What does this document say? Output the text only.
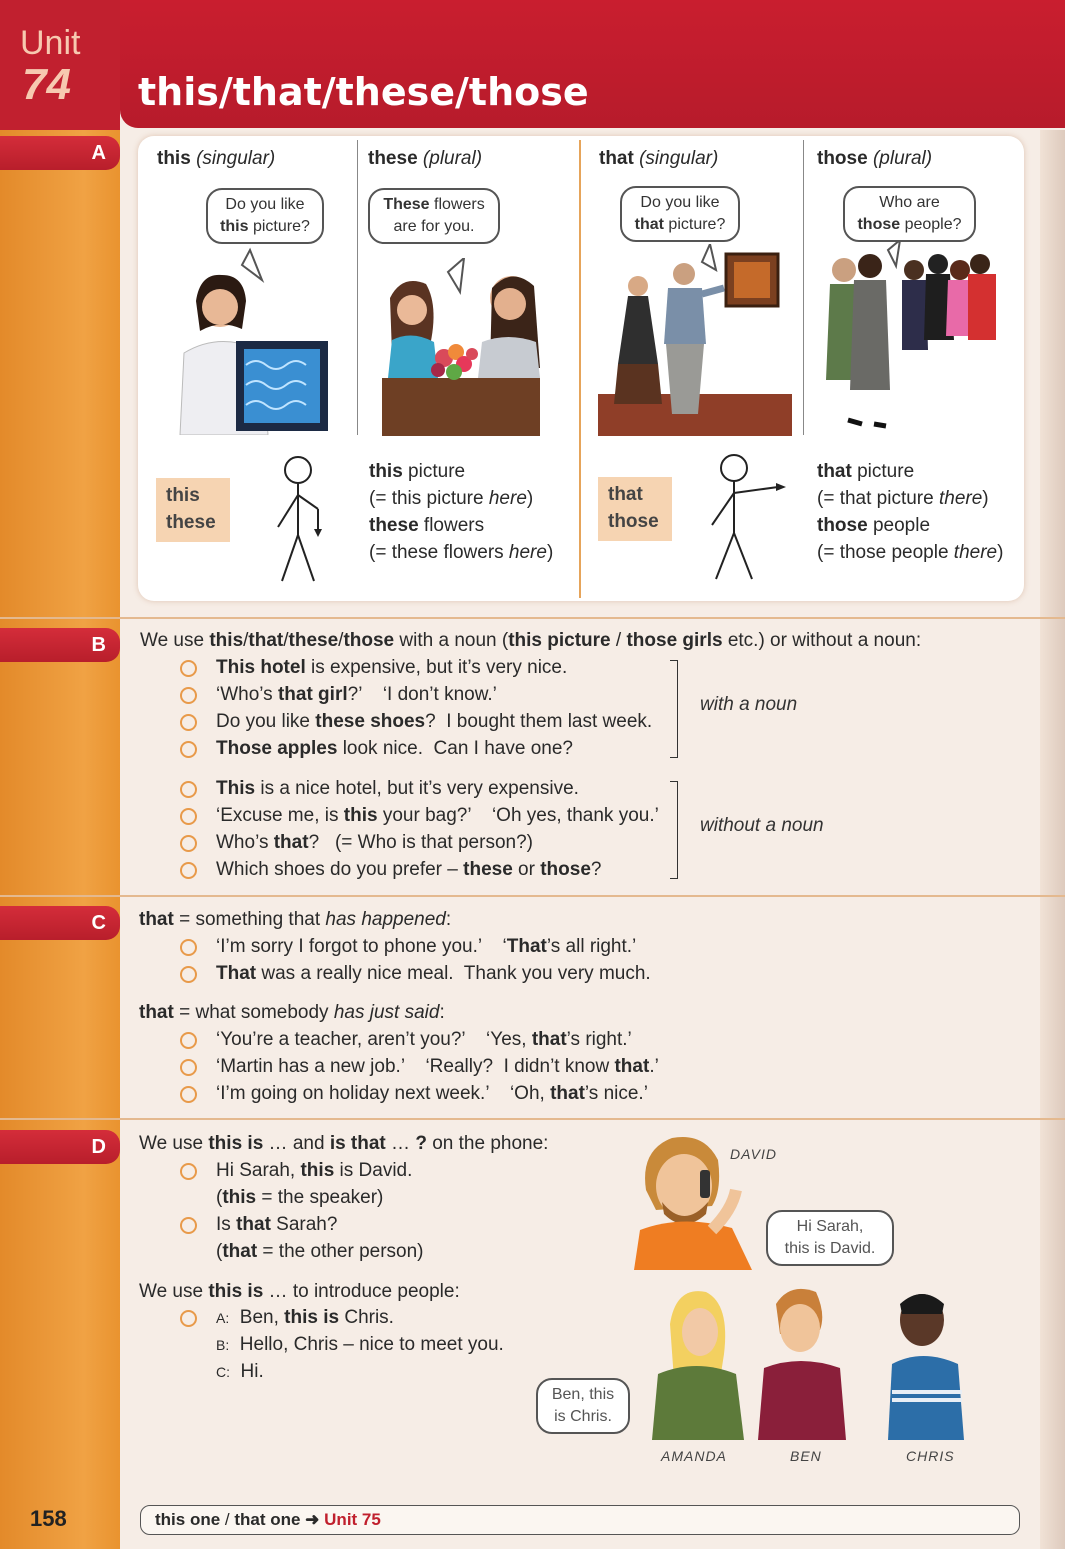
Unit
74 this/that/these/those
A
B
C
D
this (singular)	these (plural)	that (singular)	those (plural)
Do you like
this picture?
These flowers
are for you.
Do you like
that picture?
Who are
those people?
this
these
that
those
this picture
(= this picture here)
these flowers
(= these flowers here)
that picture
(= that picture there)
those people
(= those people there)
We use this/that/these/those with a noun (this picture / those girls etc.) or without a noun:
This hotel is expensive, but it’s very nice.
‘Who’s that girl?’    ‘I don’t know.’
Do you like these shoes?  I bought them last week.
Those apples look nice.  Can I have one?
with a noun
This is a nice hotel, but it’s very expensive.
‘Excuse me, is this your bag?’    ‘Oh yes, thank you.’
Who’s that?   (= Who is that person?)
Which shoes do you prefer – these or those?
without a noun
that = something that has happened:
‘I’m sorry I forgot to phone you.’    ‘That’s all right.’
That was a really nice meal.  Thank you very much.
that = what somebody has just said:
‘You’re a teacher, aren’t you?’    ‘Yes, that’s right.’
‘Martin has a new job.’    ‘Really?  I didn’t know that.’
‘I’m going on holiday next week.’    ‘Oh, that’s nice.’
We use this is … and is that … ? on the phone:
Hi Sarah, this is David.
(this = the speaker)
Is that Sarah?
(that = the other person)
We use this is … to introduce people:
A:  Ben, this is Chris.
B:  Hello, Chris – nice to meet you.
C:  Hi.
DAVID
Hi Sarah,
this is David.
Ben, this
is Chris.
AMANDA	BEN	CHRIS
158	this one / that one ➜ Unit 75
